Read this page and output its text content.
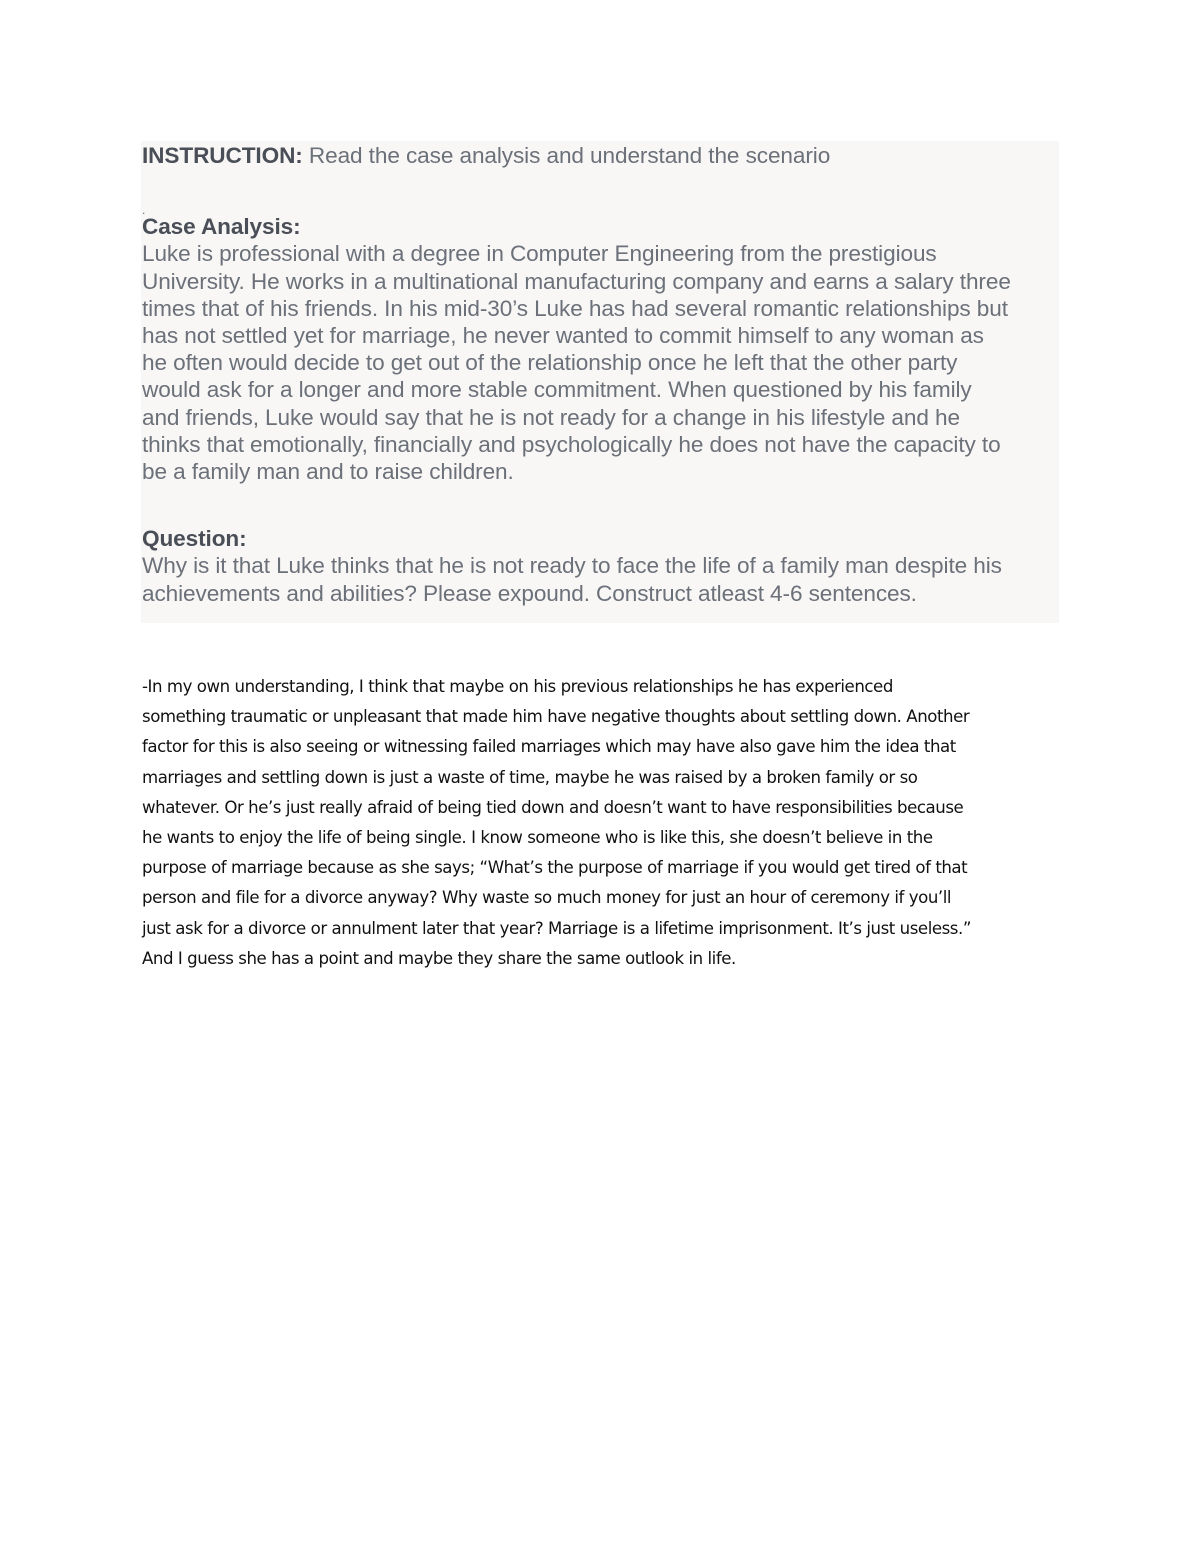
INSTRUCTION: Read the case analysis and understand the scenario

.

Case Analysis:

Luke is professional with a degree in Computer Engineering from the prestigious

University. He works in a multinational manufacturing company and earns a salary three

times that of his friends. In his mid-30’s Luke has had several romantic relationships but

has not settled yet for marriage, he never wanted to commit himself to any woman as

he often would decide to get out of the relationship once he left that the other party

would ask for a longer and more stable commitment. When questioned by his family

and friends, Luke would say that he is not ready for a change in his lifestyle and he

thinks that emotionally, financially and psychologically he does not have the capacity to

be a family man and to raise children.

Question:

Why is it that Luke thinks that he is not ready to face the life of a family man despite his

achievements and abilities? Please expound. Construct atleast 4-6 sentences.

-In my own understanding, I think that maybe on his previous relationships he has experienced

something traumatic or unpleasant that made him have negative thoughts about settling down. Another

factor for this is also seeing or witnessing failed marriages which may have also gave him the idea that

marriages and settling down is just a waste of time, maybe he was raised by a broken family or so

whatever. Or he’s just really afraid of being tied down and doesn’t want to have responsibilities because

he wants to enjoy the life of being single. I know someone who is like this, she doesn’t believe in the

purpose of marriage because as she says; “What’s the purpose of marriage if you would get tired of that

person and file for a divorce anyway? Why waste so much money for just an hour of ceremony if you’ll

just ask for a divorce or annulment later that year? Marriage is a lifetime imprisonment. It’s just useless.”

And I guess she has a point and maybe they share the same outlook in life.
